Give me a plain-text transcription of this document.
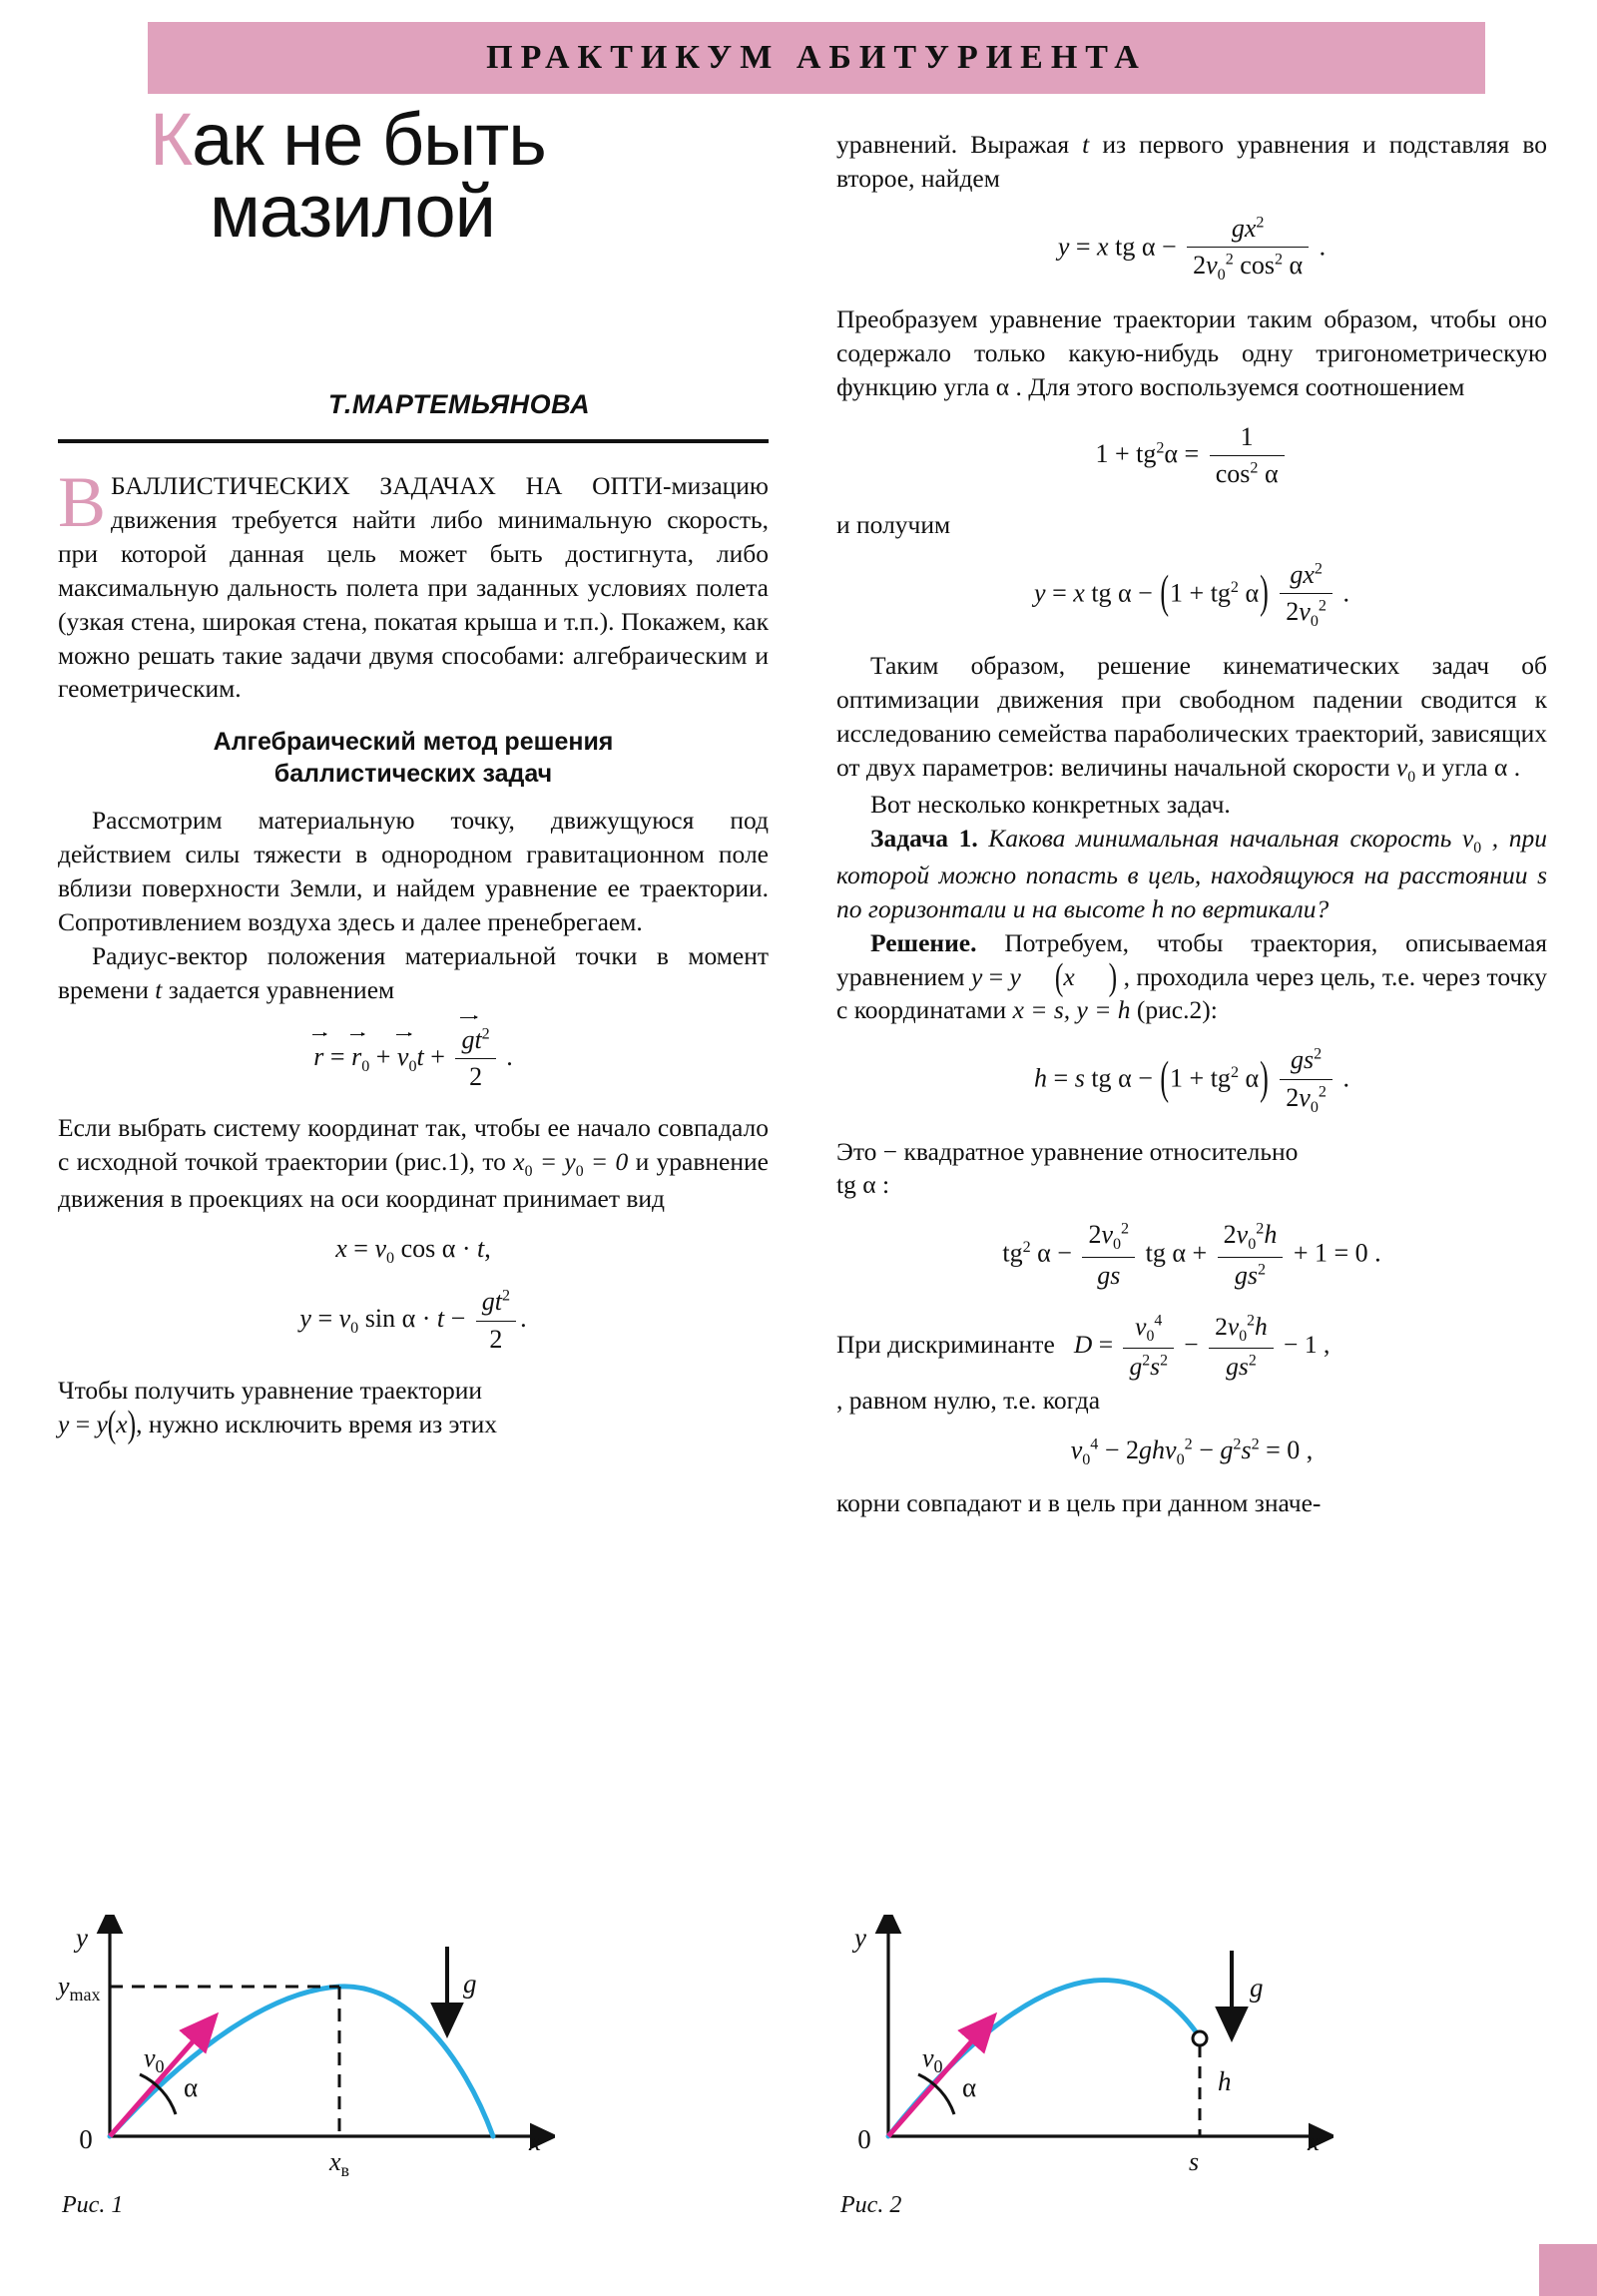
ПРАКТИКУМ АБИТУРИЕНТА
Как не быть
мазилой
Т.МАРТЕМЬЯНОВА

ВБАЛЛИСТИЧЕСКИХ ЗАДАЧАХ НА ОПТИ-мизацию движения требуется найти либо минимальную скорость, при которой данная цель может быть достигнута, либо максимальную дальность полета при заданных условиях полета (узкая стена, широкая стена, покатая крыша и т.п.). Покажем, как можно решать такие задачи двумя способами: алгебраическим и геометрическим.

Алгебраический метод решения
баллистических задач

Рассмотрим материальную точку, движущуюся под действием силы тяжести в однородном гравитационном поле вблизи поверхности Земли, и найдем уравнение ее траектории. Сопротивлением воздуха здесь и далее пренебрегаем.

Радиус-вектор положения материальной точки в момент времени t задается уравнением

$r = r_0 + v_0t + \frac{gt^2}{2}$ .

Если выбрать систему координат так, чтобы ее начало совпадало с исходной точкой траектории (рис.1), то $x_0 = y_0 = 0$ и уравнение движения в проекциях на оси координат принимает вид

$x = v_0$ cos α · t,
$y = v_0$ $\sin \alpha \cdot t - \frac{gt^2}{2}$ .

Чтобы получить уравнение траектории
y = y(x), нужно исключить время из этих

уравнений. Выражая t из первого уравнения и подставляя во второе, найдем

y = x tg $\alpha - \frac{gx^2}{2v_0^2 \cos^2 \alpha}$ .

Преобразуем уравнение траектории таким образом, чтобы оно содержало только какую-нибудь одну тригонометрическую функцию угла α . Для этого воспользуемся соотношением

$1 + tg^2\alpha = \frac{1}{\cos^2 \alpha}$

и получим

y = x tg $\alpha - (1 + tg^2$ $\alpha) \frac{gx^2}{2v_0^2}$ .

Таким образом, решение кинематических задач об оптимизации движения при свободном падении сводится к исследованию семейства параболических траекторий, зависящих от двух параметров: величины начальной скорости $v_0$ и угла α .

Вот несколько конкретных задач.

Задача 1. Какова минимальная начальная скорость $v_0$ , при которой можно попасть в цель, находящуюся на расстоянии s по горизонтали и на высоте h по вертикали?

Решение. Потребуем, чтобы траектория, описываемая уравнением y = y (x ) , проходила через цель, т.е. через точку с координатами x = s, y = h (рис.2):

h = s tg $\alpha - (1 + tg^2$ $\alpha) \frac{gs^2}{2v_0^2}$ .

Это − квадратное уравнение относительно
tg α :

$tg^2$ $\alpha - \frac{2v_0^2}{gs}$ tg $\alpha + \frac{2v_0^2h}{gs^2} + 1 = 0$ .

При дискриминанте   $D = \frac{v_0^4}{g^2s^2} - \frac{2v_0^2h}{gs^2} - 1$ ,
, равном нулю, т.е. когда

$v_0^4 - 2ghv_0^2 - g^2s^2 = 0$ ,

корни совпадают и в цель при данном значе-

y
x
0
$y_{max}$
$x_в$
$v_0$
α
g
Рис. 1
y
x
0
$v_0$
α	h
s
g
Рис. 2
